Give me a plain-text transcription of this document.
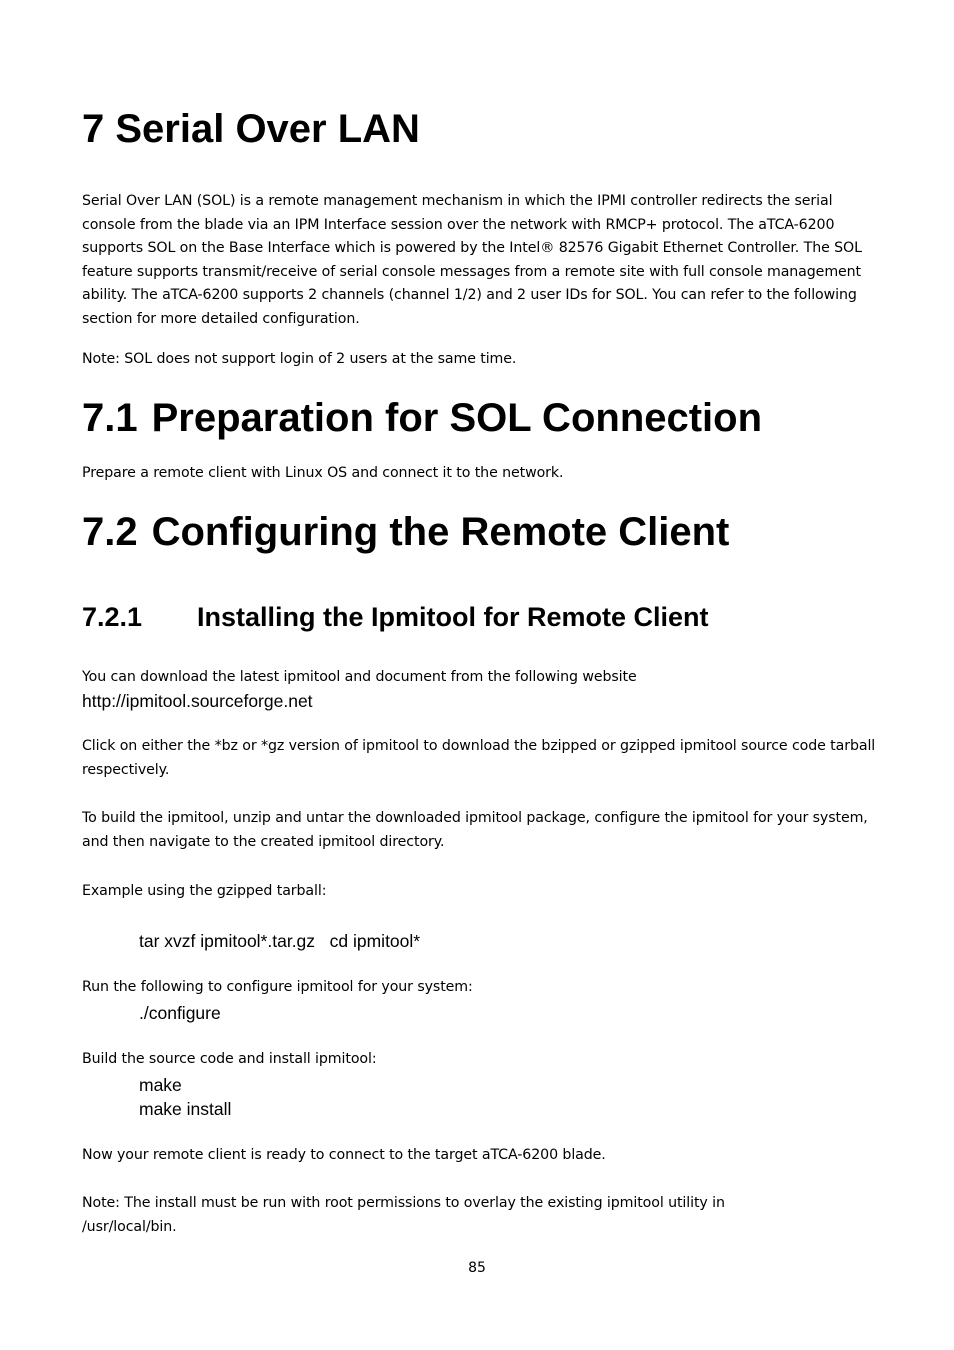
7 Serial Over LAN
Serial Over LAN (SOL) is a remote management mechanism in which the IPMI controller redirects the serial console from the blade via an IPM Interface session over the network with RMCP+ protocol. The aTCA-6200 supports SOL on the Base Interface which is powered by the Intel® 82576 Gigabit Ethernet Controller. The SOL feature supports transmit/receive of serial console messages from a remote site with full console management ability. The aTCA-6200 supports 2 channels (channel 1/2) and 2 user IDs for SOL. You can refer to the following section for more detailed configuration.
Note: SOL does not support login of 2 users at the same time.
7.1 Preparation for SOL Connection
Prepare a remote client with Linux OS and connect it to the network.
7.2 Configuring the Remote Client
7.2.1 Installing the Ipmitool for Remote Client
You can download the latest ipmitool and document from the following website
http://ipmitool.sourceforge.net
Click on either the *bz or *gz version of ipmitool to download the bzipped or gzipped ipmitool source code tarball respectively.
To build the ipmitool, unzip and untar the downloaded ipmitool package, configure the ipmitool for your system, and then navigate to the created ipmitool directory.
Example using the gzipped tarball:
tar xvzf ipmitool*.tar.gz cd ipmitool*
Run the following to configure ipmitool for your system:
./configure
Build the source code and install ipmitool:
make
make install
Now your remote client is ready to connect to the target aTCA-6200 blade.
Note: The install must be run with root permissions to overlay the existing ipmitool utility in /usr/local/bin.
85
